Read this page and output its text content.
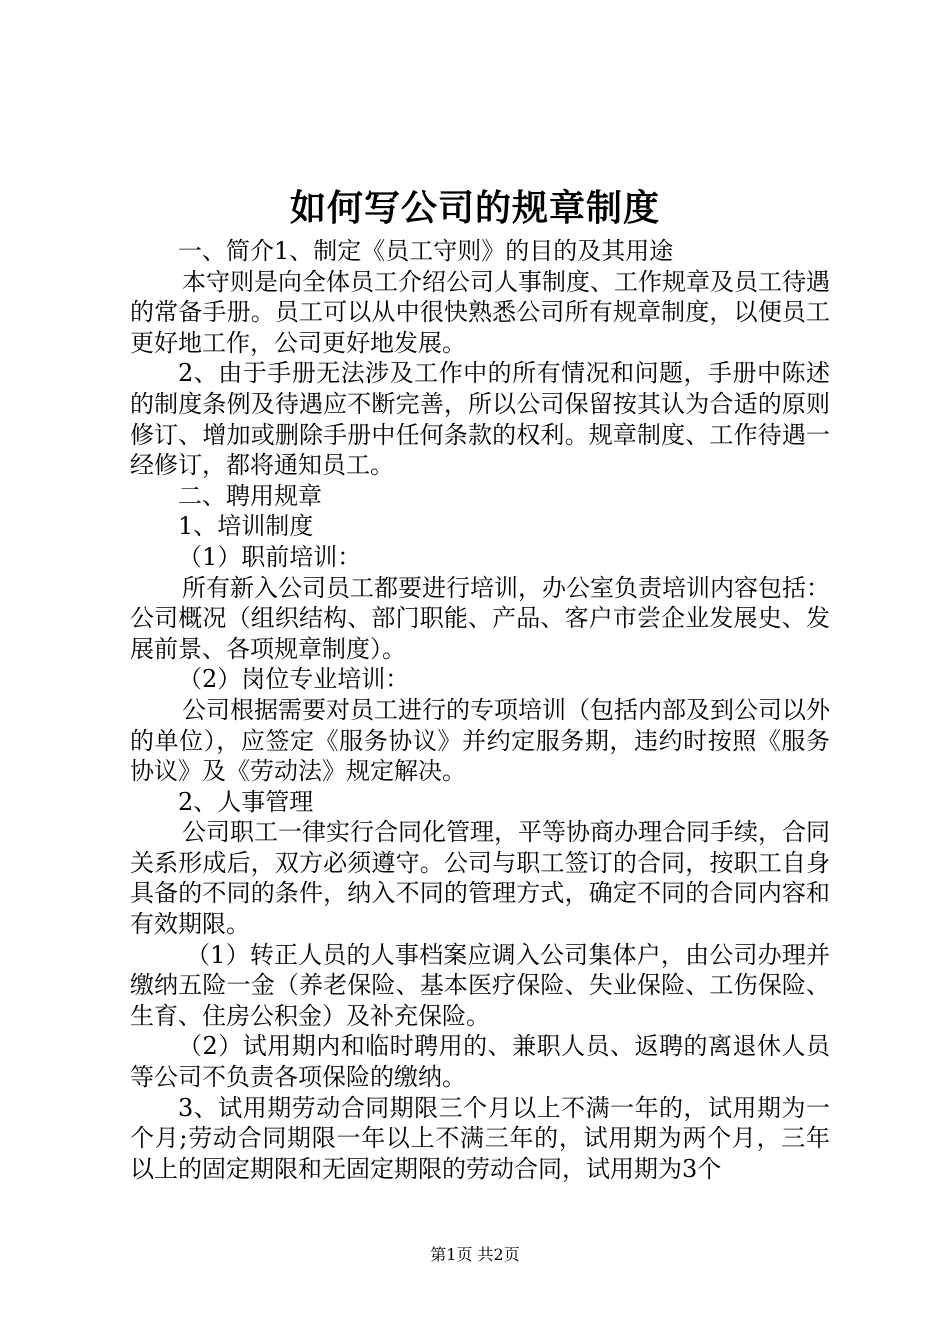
如何写公司的规章制度

一、简介1、制定《员工守则》的目的及其用途

本守则是向全体员工介绍公司人事制度、工作规章及员工待遇的常备手册。员工可以从中很快熟悉公司所有规章制度，以便员工更好地工作，公司更好地发展。

2、由于手册无法涉及工作中的所有情况和问题，手册中陈述的制度条例及待遇应不断完善，所以公司保留按其认为合适的原则修订、增加或删除手册中任何条款的权利。规章制度、工作待遇一经修订，都将通知员工。

二、聘用规章

1、培训制度

（1）职前培训：

所有新入公司员工都要进行培训，办公室负责培训内容包括：公司概况（组织结构、部门职能、产品、客户市尝企业发展史、发展前景、各项规章制度）。

（2）岗位专业培训：

公司根据需要对员工进行的专项培训（包括内部及到公司以外的单位），应签定《服务协议》并约定服务期，违约时按照《服务协议》及《劳动法》规定解决。

2、人事管理

公司职工一律实行合同化管理，平等协商办理合同手续，合同关系形成后，双方必须遵守。公司与职工签订的合同，按职工自身具备的不同的条件，纳入不同的管理方式，确定不同的合同内容和有效期限。

（1）转正人员的人事档案应调入公司集体户，由公司办理并缴纳五险一金（养老保险、基本医疗保险、失业保险、工伤保险、生育、住房公积金）及补充保险。

（2）试用期内和临时聘用的、兼职人员、返聘的离退休人员等公司不负责各项保险的缴纳。

3、试用期劳动合同期限三个月以上不满一年的，试用期为一个月;劳动合同期限一年以上不满三年的，试用期为两个月，三年以上的固定期限和无固定期限的劳动合同，试用期为3个

第1页 共2页
